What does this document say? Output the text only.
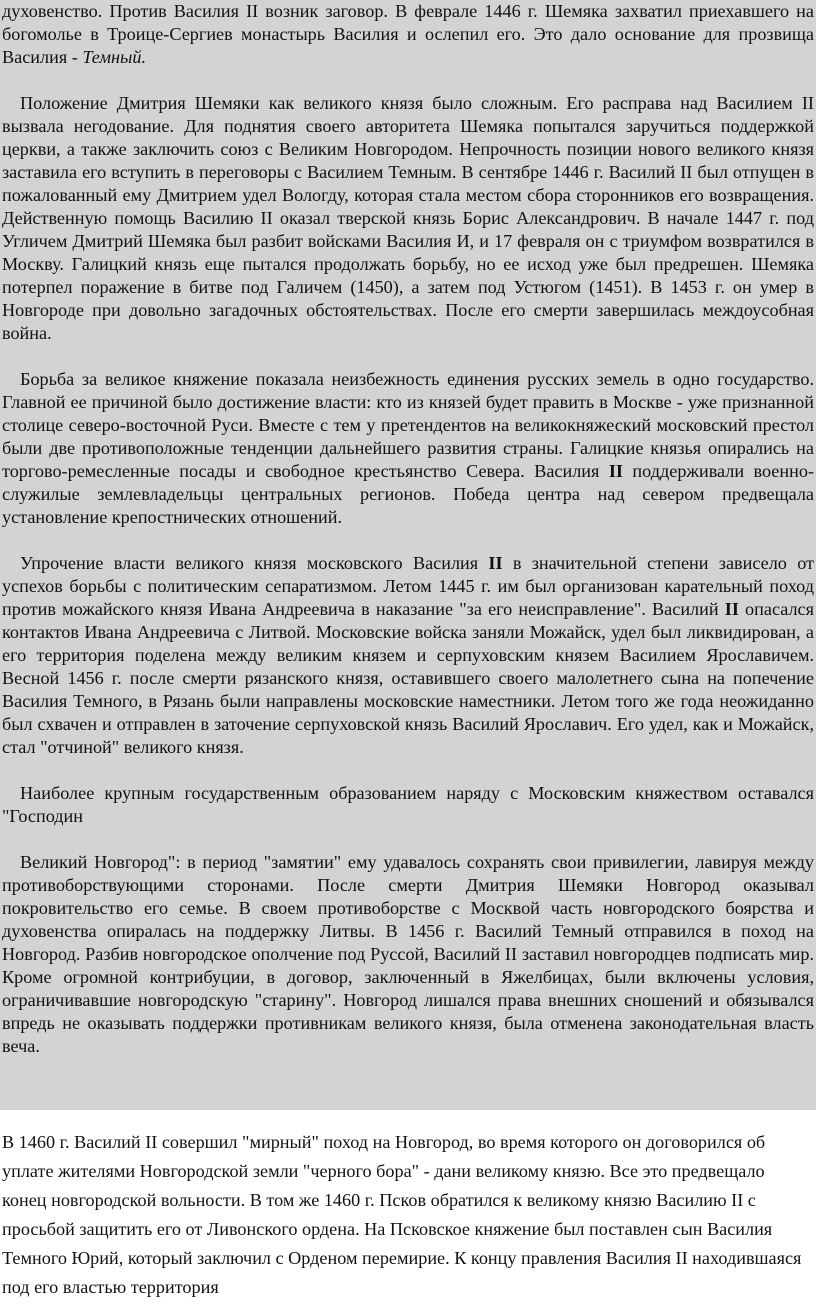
духовенство. Против Василия II возник заговор. В феврале 1446 г. Шемяка захватил приехавшего на богомолье в Троице-Сергиев монастырь Василия и ослепил его. Это дало основание для прозвища Василия - Темный.

Положение Дмитрия Шемяки как великого князя было сложным. Его расправа над Василием II вызвала негодование. Для поднятия своего авторитета Шемяка попытался заручиться поддержкой церкви, а также заключить союз с Великим Новгородом. Непрочность позиции нового великого князя заставила его вступить в переговоры с Василием Темным. В сентябре 1446 г. Василий II был отпущен в пожалованный ему Дмитрием удел Вологду, которая стала местом сбора сторонников его возвращения. Действенную помощь Василию II оказал тверской князь Борис Александрович. В начале 1447 г. под Угличем Дмитрий Шемяка был разбит войсками Василия И, и 17 февраля он с триумфом возвратился в Москву. Галицкий князь еще пытался продолжать борьбу, но ее исход уже был предрешен. Шемяка потерпел поражение в битве под Галичем (1450), а затем под Устюгом (1451). В 1453 г. он умер в Новгороде при довольно загадочных обстоятельствах. После его смерти завершилась междоусобная война.

Борьба за великое княжение показала неизбежность единения русских земель в одно государство. Главной ее причиной было достижение власти: кто из князей будет править в Москве - уже признанной столице северо-восточной Руси. Вместе с тем у претендентов на великокняжеский московский престол были две противоположные тенденции дальнейшего развития страны. Галицкие князья опирались на торгово-ремесленные посады и свободное крестьянство Севера. Василия II поддерживали военно-служилые землевладельцы центральных регионов. Победа центра над севером предвещала установление крепостнических отношений.

Упрочение власти великого князя московского Василия II в значительной степени зависело от успехов борьбы с политическим сепаратизмом. Летом 1445 г. им был организован карательный поход против можайского князя Ивана Андреевича в наказание "за его неисправление". Василий II опасался контактов Ивана Андреевича с Литвой. Московские войска заняли Можайск, удел был ликвидирован, а его территория поделена между великим князем и серпуховским князем Василием Ярославичем. Весной 1456 г. после смерти рязанского князя, оставившего своего малолетнего сына на попечение Василия Темного, в Рязань были направлены московские наместники. Летом того же года неожиданно был схвачен и отправлен в заточение серпуховской князь Василий Ярославич. Его удел, как и Можайск, стал "отчиной" великого князя.

Наиболее крупным государственным образованием наряду с Московским княжеством оставался "Господин

Великий Новгород": в период "замятии" ему удавалось сохранять свои привилегии, лавируя между противоборствующими сторонами. После смерти Дмитрия Шемяки Новгород оказывал покровительство его семье. В своем противоборстве с Москвой часть новгородского боярства и духовенства опиралась на поддержку Литвы. В 1456 г. Василий Темный отправился в поход на Новгород. Разбив новгородское ополчение под Руссой, Василий II заставил новгородцев подписать мир. Кроме огромной контрибуции, в договор, заключенный в Яжелбицах, были включены условия, ограничивавшие новгородскую "старину". Новгород лишался права внешних сношений и обязывался впредь не оказывать поддержки противникам великого князя, была отменена законодательная власть веча.

В 1460 г. Василий II совершил "мирный" поход на Новгород, во время которого он договорился об уплате жителями Новгородской земли "черного бора" - дани великому князю. Все это предвещало конец новгородской вольности. В том же 1460 г. Псков обратился к великому князю Василию II с просьбой защитить его от Ливонского ордена. На Псковское княжение был поставлен сын Василия Темного Юрий, который заключил с Орденом перемирие. К концу правления Василия II находившаяся под его властью территория
